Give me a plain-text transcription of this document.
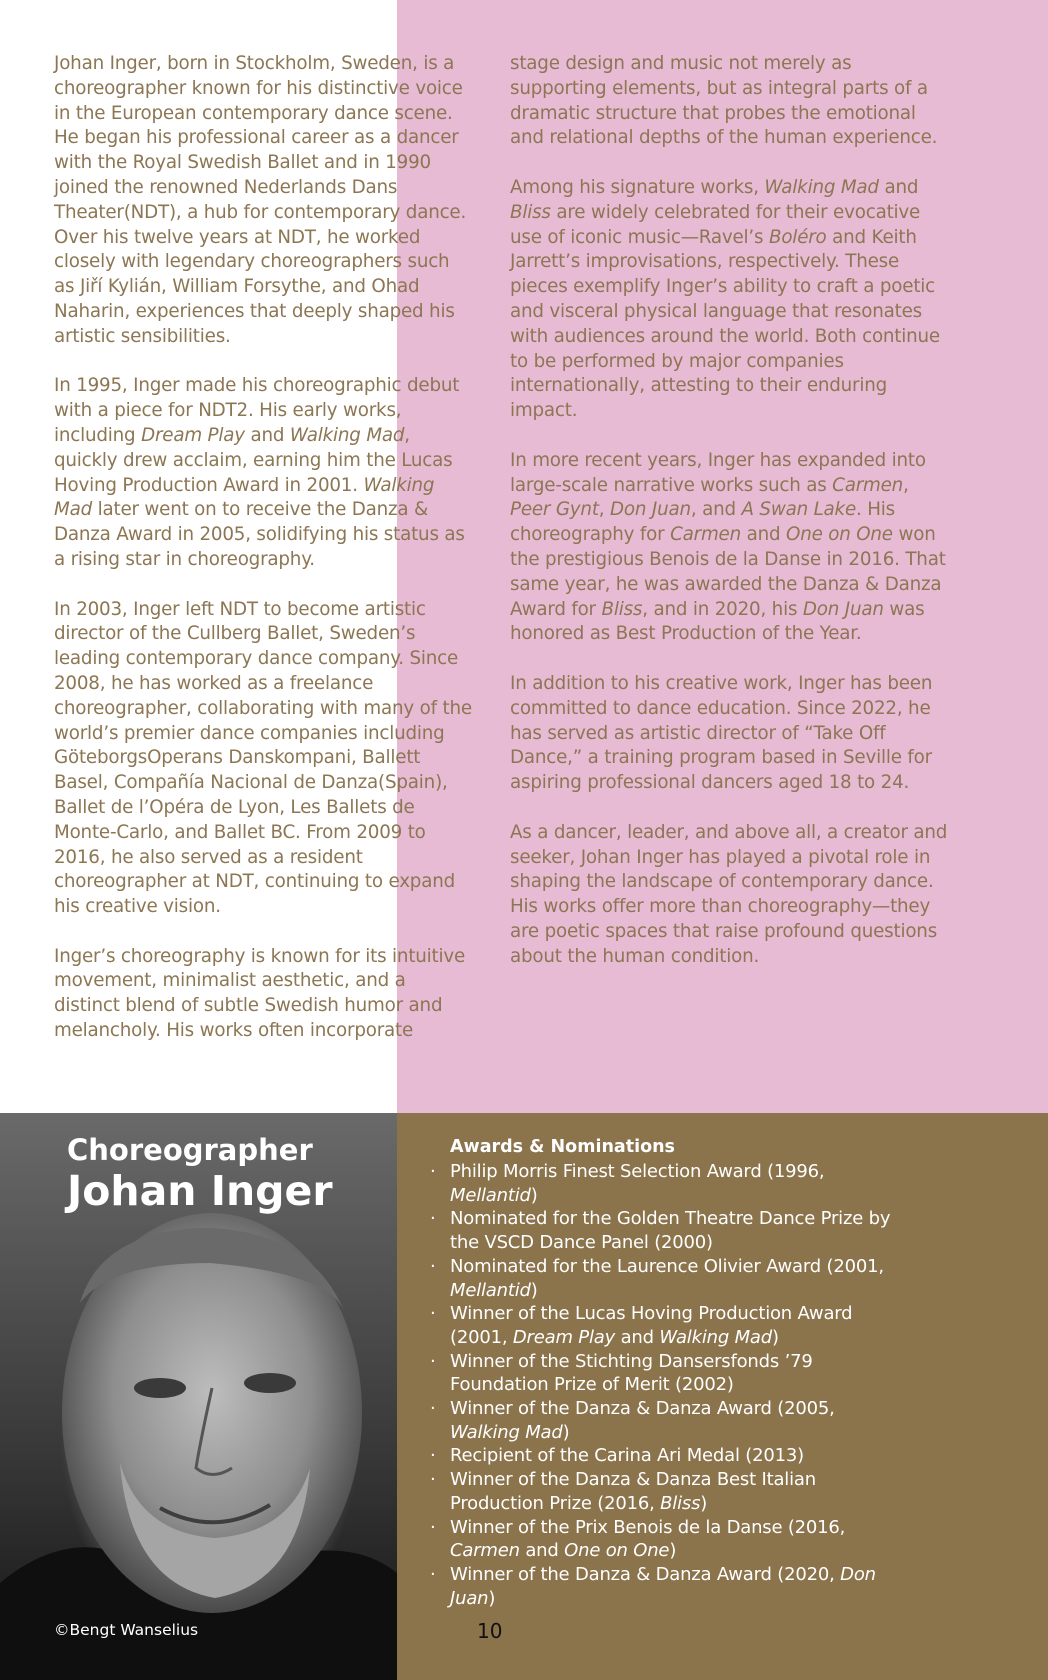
Johan Inger, born in Stockholm, Sweden, is a choreographer known for his distinctive voice in the European contemporary dance scene. He began his professional career as a dancer with the Royal Swedish Ballet and in 1990 joined the renowned Nederlands Dans Theater(NDT), a hub for contemporary dance. Over his twelve years at NDT, he worked closely with legendary choreographers such as Jiří Kylián, William Forsythe, and Ohad Naharin, experiences that deeply shaped his artistic sensibilities.

In 1995, Inger made his choreographic debut with a piece for NDT2. His early works, including Dream Play and Walking Mad, quickly drew acclaim, earning him the Lucas Hoving Production Award in 2001. Walking Mad later went on to receive the Danza & Danza Award in 2005, solidifying his status as a rising star in choreography.

In 2003, Inger left NDT to become artistic director of the Cullberg Ballet, Sweden’s leading contemporary dance company. Since 2008, he has worked as a freelance choreographer, collaborating with many of the world’s premier dance companies including GöteborgsOperans Danskompani, Ballett Basel, Compañía Nacional de Danza(Spain), Ballet de l’Opéra de Lyon, Les Ballets de Monte-Carlo, and Ballet BC. From 2009 to 2016, he also served as a resident choreographer at NDT, continuing to expand his creative vision.

Inger’s choreography is known for its intuitive movement, minimalist aesthetic, and a distinct blend of subtle Swedish humor and melancholy. His works often incorporate

stage design and music not merely as supporting elements, but as integral parts of a dramatic structure that probes the emotional and relational depths of the human experience.

Among his signature works, Walking Mad and Bliss are widely celebrated for their evocative use of iconic music—Ravel’s Boléro and Keith Jarrett’s improvisations, respectively. These pieces exemplify Inger’s ability to craft a poetic and visceral physical language that resonates with audiences around the world. Both continue to be performed by major companies internationally, attesting to their enduring impact.

In more recent years, Inger has expanded into large-scale narrative works such as Carmen, Peer Gynt, Don Juan, and A Swan Lake. His choreography for Carmen and One on One won the prestigious Benois de la Danse in 2016. That same year, he was awarded the Danza & Danza Award for Bliss, and in 2020, his Don Juan was honored as Best Production of the Year.

In addition to his creative work, Inger has been committed to dance education. Since 2022, he has served as artistic director of “Take Off Dance,” a training program based in Seville for aspiring professional dancers aged 18 to 24.

As a dancer, leader, and above all, a creator and seeker, Johan Inger has played a pivotal role in shaping the landscape of contemporary dance. His works offer more than choreography—they are poetic spaces that raise profound questions about the human condition.

Choreographer
Johan Inger
©Bengt Wanselius
Awards & Nominations
· Philip Morris Finest Selection Award (1996, Mellantid)
· Nominated for the Golden Theatre Dance Prize by the VSCD Dance Panel (2000)
· Nominated for the Laurence Olivier Award (2001, Mellantid)
· Winner of the Lucas Hoving Production Award (2001, Dream Play and Walking Mad)
· Winner of the Stichting Dansersfonds ’79 Foundation Prize of Merit (2002)
· Winner of the Danza & Danza Award (2005, Walking Mad)
· Recipient of the Carina Ari Medal (2013)
· Winner of the Danza & Danza Best Italian Production Prize (2016, Bliss)
· Winner of the Prix Benois de la Danse (2016, Carmen and One on One)
· Winner of the Danza & Danza Award (2020, Don Juan)
10
